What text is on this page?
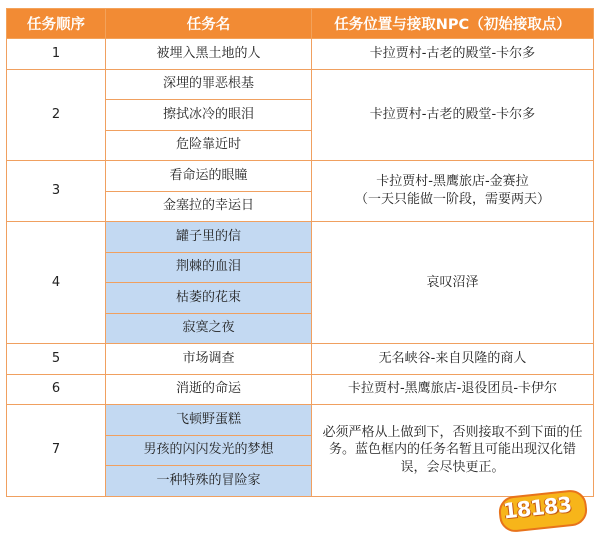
任务顺序	任务名	任务位置与接取NPC（初始接取点）
1	被埋入黑土地的人	卡拉贾村-古老的殿堂-卡尔多
2	深埋的罪恶根基	卡拉贾村-古老的殿堂-卡尔多
	擦拭冰冷的眼泪	
	危险靠近时	
3	看命运的眼瞳	卡拉贾村-黑鹰旅店-金赛拉
（一天只能做一阶段，需要两天）

	金塞拉的幸运日	
4	罐子里的信	哀叹沼泽
	荆棘的血泪	
	枯萎的花束	
	寂寞之夜	
5	市场调查	无名峡谷-来自贝隆的商人
6	消逝的命运	卡拉贾村-黑鹰旅店-退役团员-卡伊尔
7	飞顿野蛋糕	必须严格从上做到下，否则接取不到下面的任务。蓝色框内的任务名暂且可能出现汉化错误，会尽快更正。
	男孩的闪闪发光的梦想	
	一种特殊的冒险家	

18183
